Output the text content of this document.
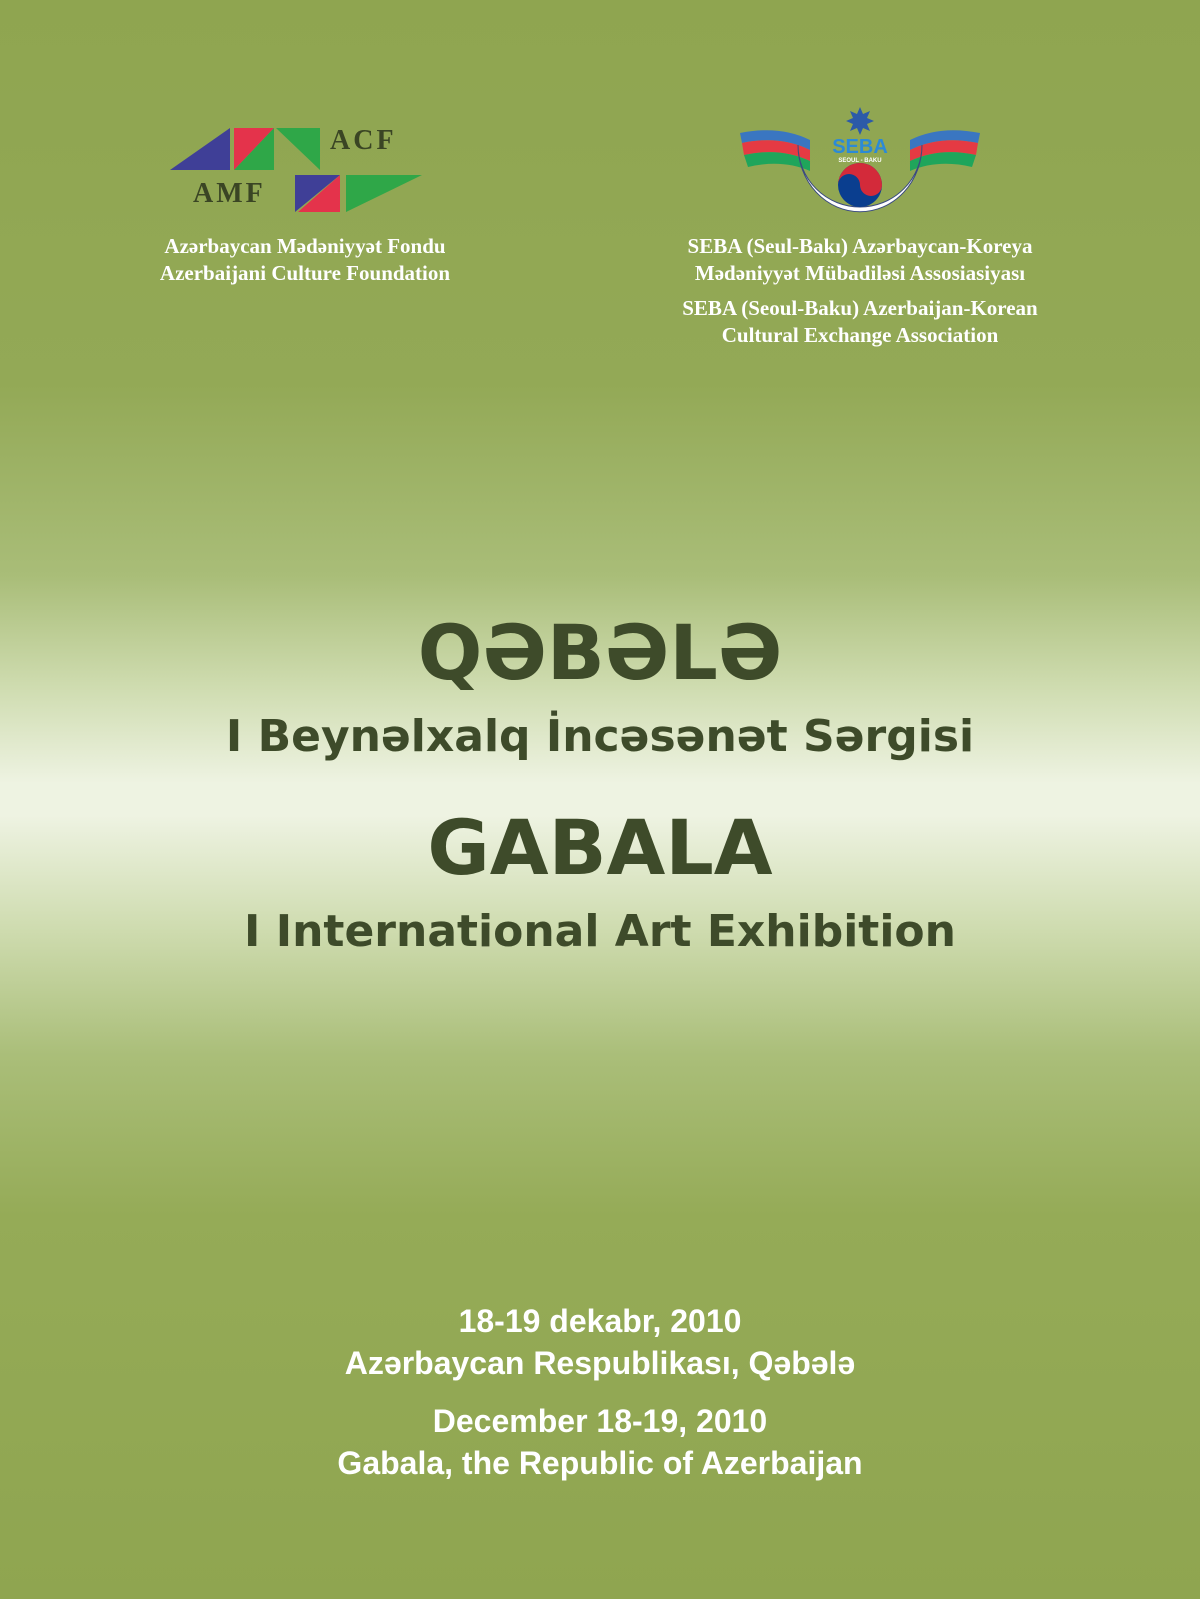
ACF
AMF
Azərbaycan Mədəniyyət Fondu
Azerbaijani Culture Foundation
SEBA
SEOUL - BAKU
SEBA (Seul-Bakı) Azərbaycan-Koreya
Mədəniyyət Mübadiləsi Assosiasiyası
SEBA (Seoul-Baku) Azerbaijan-Korean
Cultural Exchange Association
QƏBƏLƏ
I Beynəlxalq İncəsənət Sərgisi
GABALA
I International Art Exhibition
18-19 dekabr, 2010
Azərbaycan Respublikası, Qəbələ
December 18-19, 2010
Gabala, the Republic of Azerbaijan
